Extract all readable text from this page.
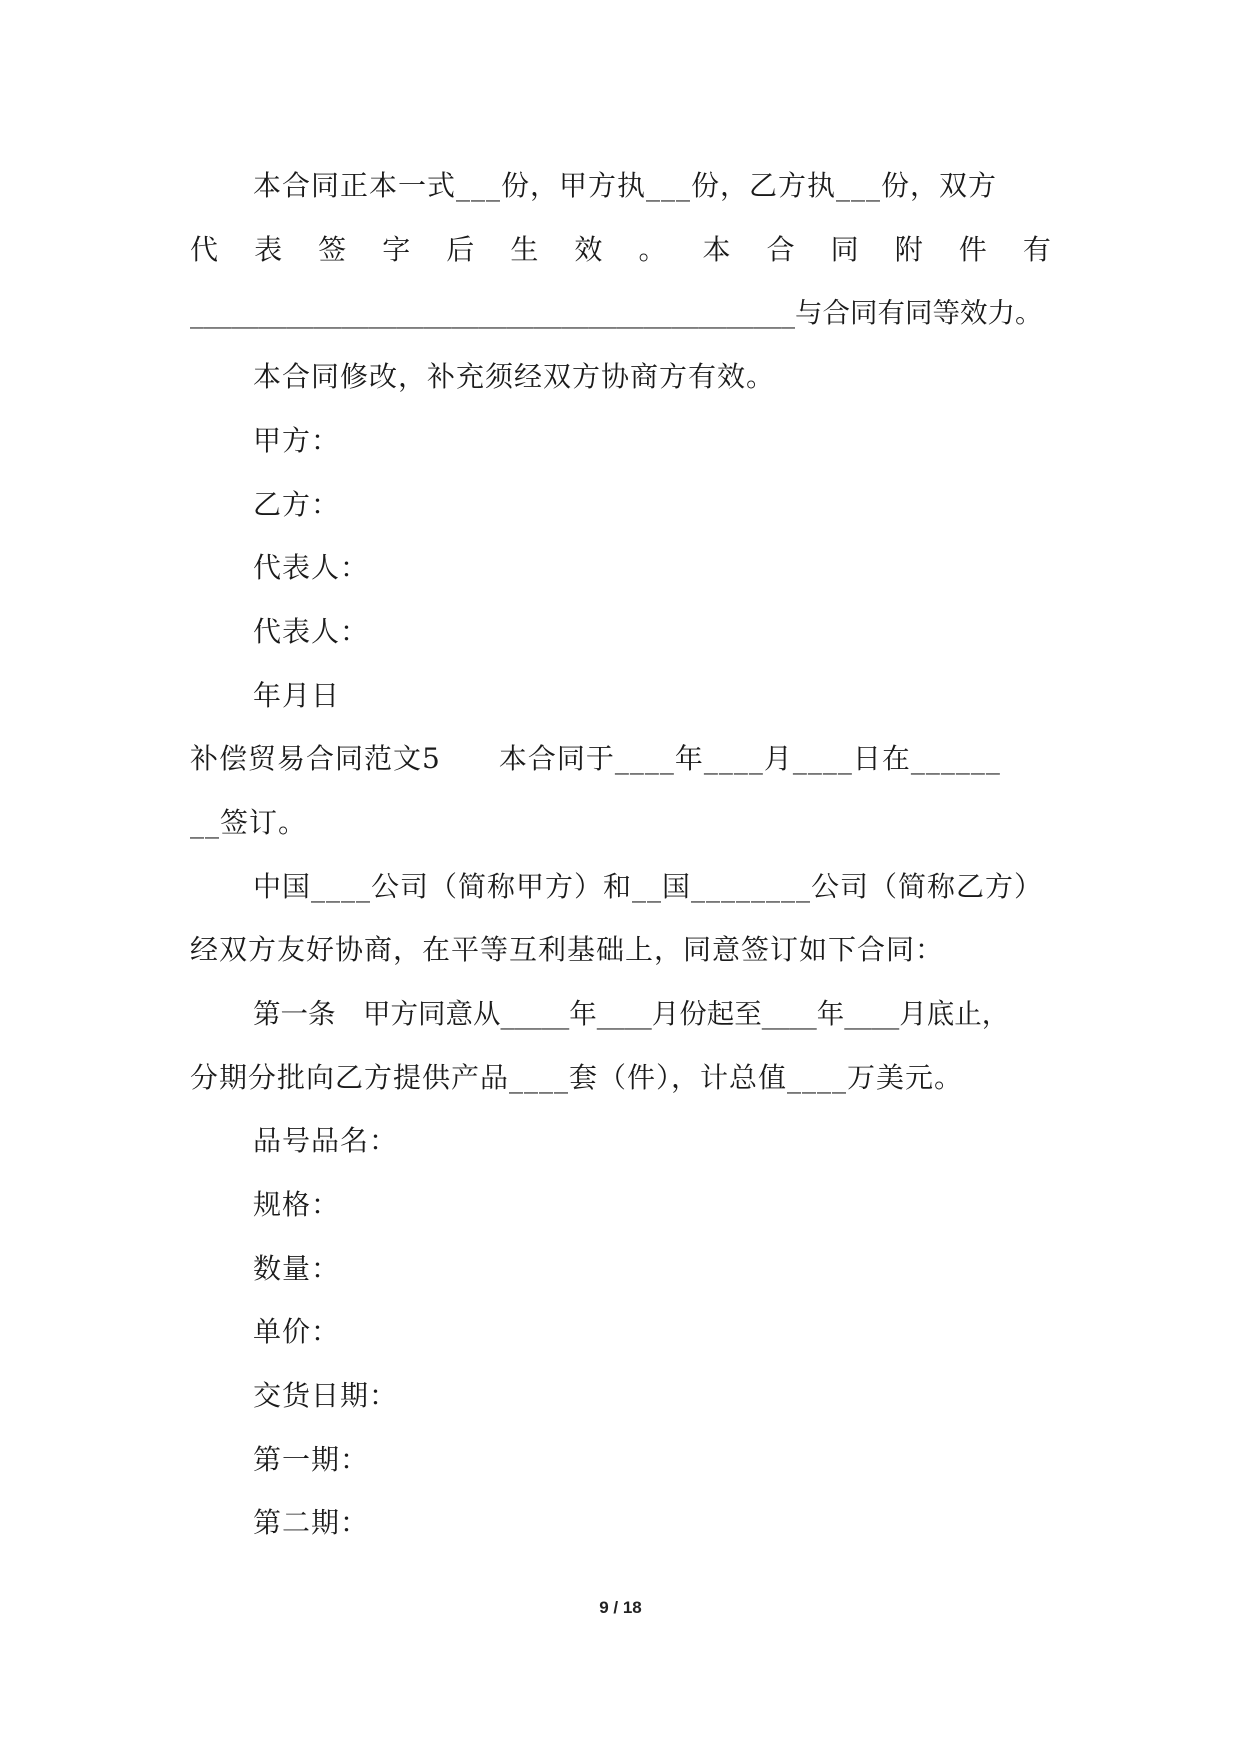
本合同正本一式___份，甲方执___份，乙方执___份，双方
代 表 签 字 后 生 效 。 本 合 同 附 件 有
____________________________________________与合同有同等效力。
本合同修改，补充须经双方协商方有效。
甲方：
乙方：
代表人：
代表人：
年月日
补偿贸易合同范文5　　本合同于____年____月____日在______
__签订。
中国____公司（简称甲方）和__国________公司（简称乙方）
经双方友好协商，在平等互利基础上，同意签订如下合同：
第一条　甲方同意从_____年____月份起至____年____月底止，
分期分批向乙方提供产品____套（件），计总值____万美元。
品号品名：
规格：
数量：
单价：
交货日期：
第一期：
第二期：
9 / 18
